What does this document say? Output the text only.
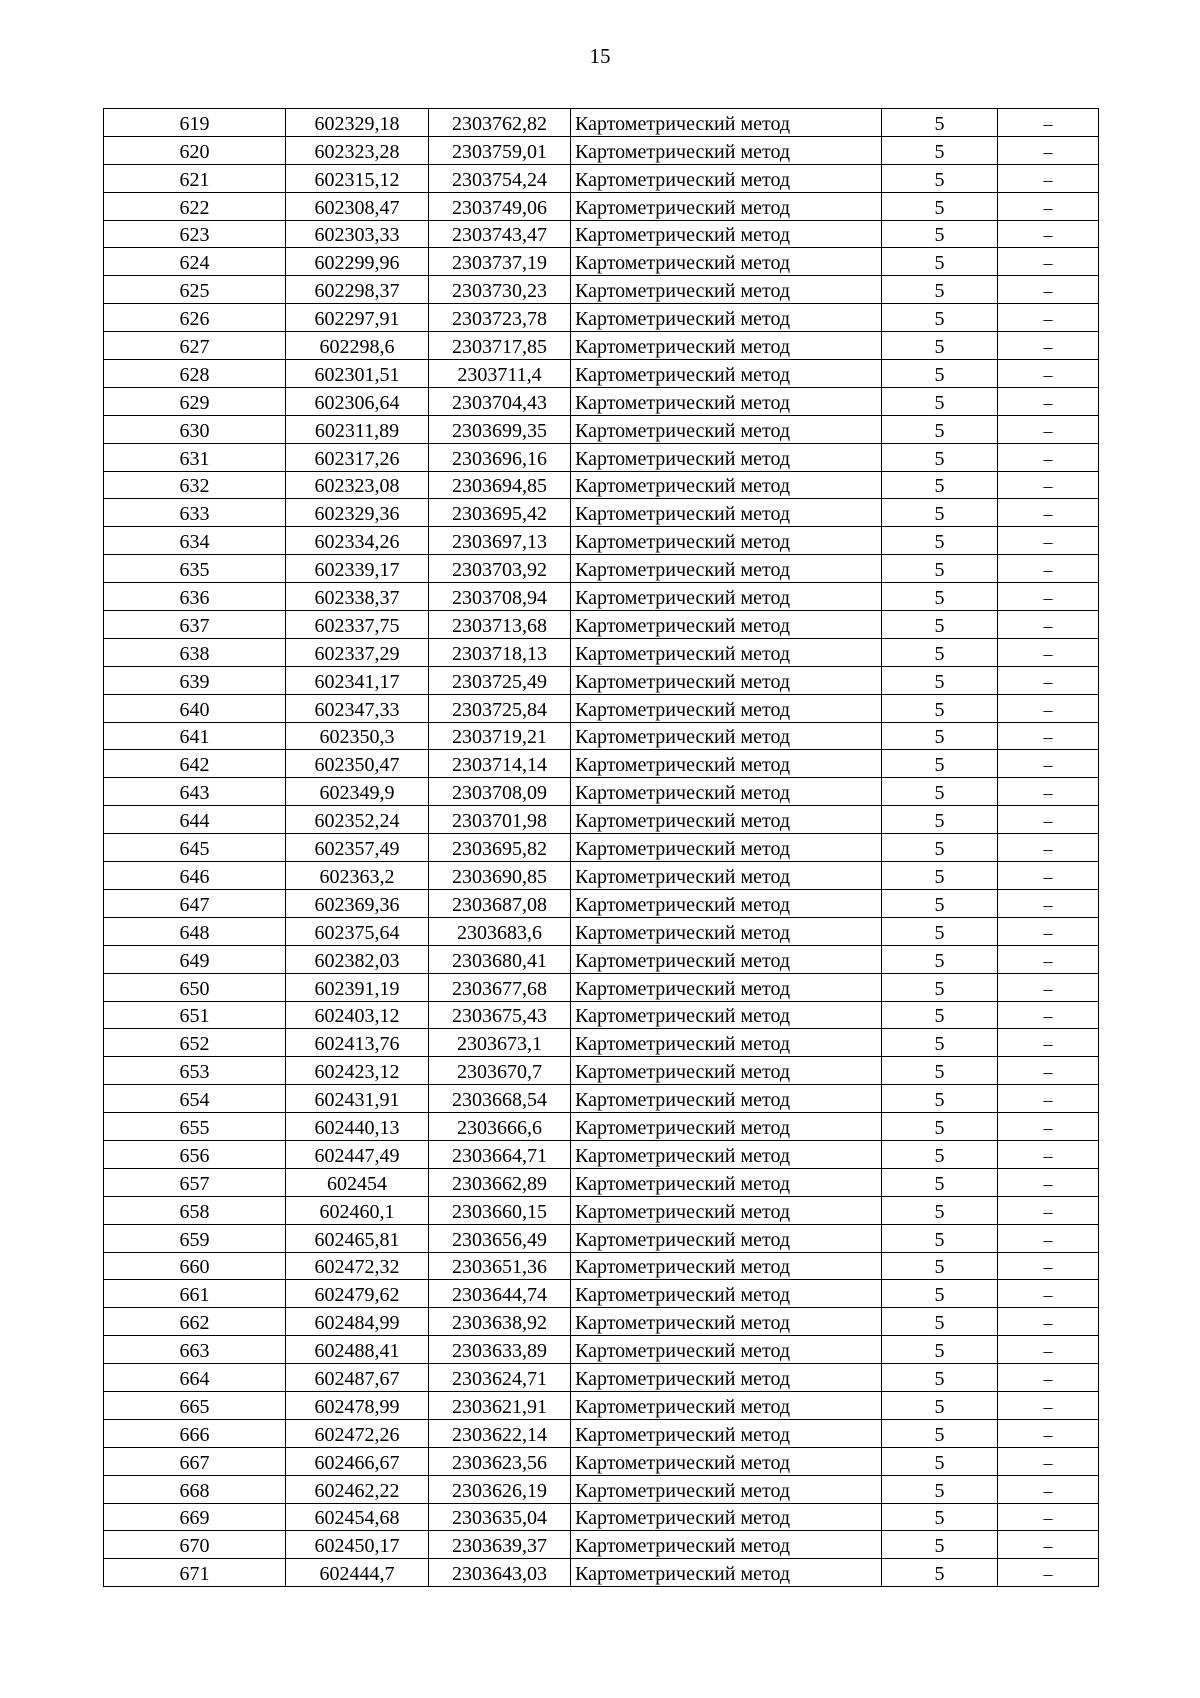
15
619	602329,18	2303762,82	Картометрический метод	5	–
620	602323,28	2303759,01	Картометрический метод	5	–
621	602315,12	2303754,24	Картометрический метод	5	–
622	602308,47	2303749,06	Картометрический метод	5	–
623	602303,33	2303743,47	Картометрический метод	5	–
624	602299,96	2303737,19	Картометрический метод	5	–
625	602298,37	2303730,23	Картометрический метод	5	–
626	602297,91	2303723,78	Картометрический метод	5	–
627	602298,6	2303717,85	Картометрический метод	5	–
628	602301,51	2303711,4	Картометрический метод	5	–
629	602306,64	2303704,43	Картометрический метод	5	–
630	602311,89	2303699,35	Картометрический метод	5	–
631	602317,26	2303696,16	Картометрический метод	5	–
632	602323,08	2303694,85	Картометрический метод	5	–
633	602329,36	2303695,42	Картометрический метод	5	–
634	602334,26	2303697,13	Картометрический метод	5	–
635	602339,17	2303703,92	Картометрический метод	5	–
636	602338,37	2303708,94	Картометрический метод	5	–
637	602337,75	2303713,68	Картометрический метод	5	–
638	602337,29	2303718,13	Картометрический метод	5	–
639	602341,17	2303725,49	Картометрический метод	5	–
640	602347,33	2303725,84	Картометрический метод	5	–
641	602350,3	2303719,21	Картометрический метод	5	–
642	602350,47	2303714,14	Картометрический метод	5	–
643	602349,9	2303708,09	Картометрический метод	5	–
644	602352,24	2303701,98	Картометрический метод	5	–
645	602357,49	2303695,82	Картометрический метод	5	–
646	602363,2	2303690,85	Картометрический метод	5	–
647	602369,36	2303687,08	Картометрический метод	5	–
648	602375,64	2303683,6	Картометрический метод	5	–
649	602382,03	2303680,41	Картометрический метод	5	–
650	602391,19	2303677,68	Картометрический метод	5	–
651	602403,12	2303675,43	Картометрический метод	5	–
652	602413,76	2303673,1	Картометрический метод	5	–
653	602423,12	2303670,7	Картометрический метод	5	–
654	602431,91	2303668,54	Картометрический метод	5	–
655	602440,13	2303666,6	Картометрический метод	5	–
656	602447,49	2303664,71	Картометрический метод	5	–
657	602454	2303662,89	Картометрический метод	5	–
658	602460,1	2303660,15	Картометрический метод	5	–
659	602465,81	2303656,49	Картометрический метод	5	–
660	602472,32	2303651,36	Картометрический метод	5	–
661	602479,62	2303644,74	Картометрический метод	5	–
662	602484,99	2303638,92	Картометрический метод	5	–
663	602488,41	2303633,89	Картометрический метод	5	–
664	602487,67	2303624,71	Картометрический метод	5	–
665	602478,99	2303621,91	Картометрический метод	5	–
666	602472,26	2303622,14	Картометрический метод	5	–
667	602466,67	2303623,56	Картометрический метод	5	–
668	602462,22	2303626,19	Картометрический метод	5	–
669	602454,68	2303635,04	Картометрический метод	5	–
670	602450,17	2303639,37	Картометрический метод	5	–
671	602444,7	2303643,03	Картометрический метод	5	–
